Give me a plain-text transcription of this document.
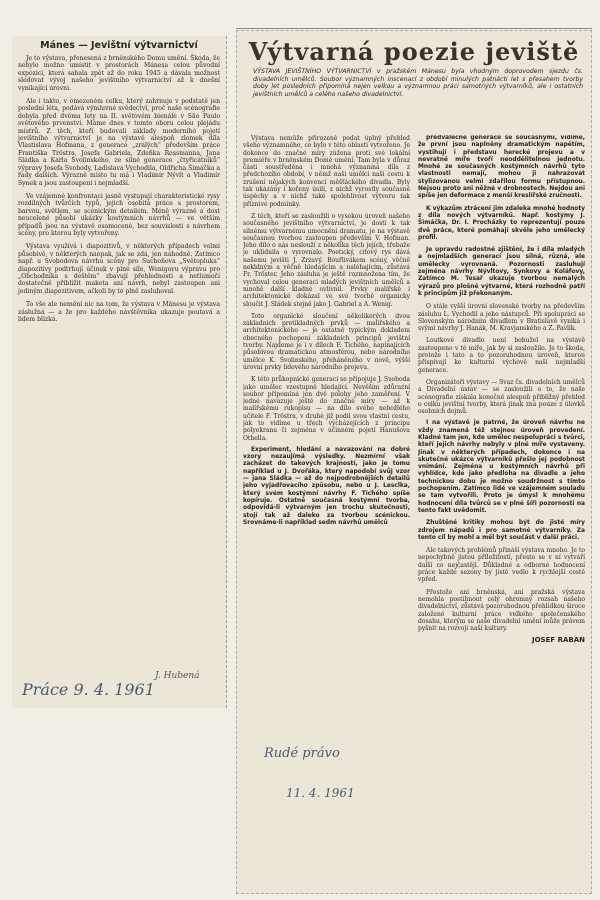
Mánes — Jevištní výtvarnictví

Je to výstava, přenesená z brněnského Domu umění. Škoda, že nebylo možno umístit v prostorách Mánesa celou původní expozici, která sahala zpět až do roku 1945 a dávala možnost sledovat vývoj našeho jevištního výtvarnictví až k dnešní vynikající úrovni.

Ale i takto, v omezeném celku, který zahrnuje v podstatě jen poslední léta, podává výmluvné svědectví, proč naše scénografie dobyla před dvěma lety na II. světovém bienále v São Paulo světového prvenství. Máme dnes v tomto oboru celou plejádu mistrů. Z těch, kteří budovali základy moderního pojetí jevištního výtvarnictví je na výstavě alespoň zlomek díla Vlastislava Hofmana, z generace „zralých“ především práce Františka Tröstra, Josefa Gabriela, Zdeňka Rossmanna, Jana Sládka a Karla Svolinského, ze silné generace „čtyřicátníků“ výpravy Josefa Svobody, Ladislava Vychodila, Oldřicha Šimáčka a řady dalších. Výrazně místo tu má i Vladimír Nývlt a Vladimír Synek a jsou zastoupeni i nejmladší.

Ve vzájemné konfrontaci jasně vystupují charakteristické rysy rozdílných tvůrčích typů, jejich osobitá práce s prostorem, barvou, světlem, se scénickým detailem. Méně výrazně a dost neucelené působí ukázky kostýmních návrhů — ve větším případů jsou na výstavě osamocené, bez souvislosti s návrhem scény, pro kterou byly vytvořeny.

Výstava využívá i diapozitivů, v některých případech velmi působivě, v některých naopak, jak se zdá, jen náhodně. Zatímco např. u Svobodova návrhu scény pro Suchoňova „Světopluka“ diapozitivy podtrhují účinek v plné síle, Wenigovu výpravu pro „Obchodníka s deštěm“ zbavují přehlednosti a netlumočí dostatečně přiblížit maketa ani návrh, nebyl zastoupen ani jediným diapozitivem, ačkoli by to plně zasluhoval.

To vše ale nemění nic na tom, že výstava v Mánesu je výstava záslužná — a že pro každého návštěvníka ukazuje poutavá a lidem blízká.

J. Hubená
Práce 9. 4. 1961
Výtvarná poezie jeviště
VÝSTAVA JEVIŠTNÍHO VÝTVARNICTVÍ v pražském Mánesu byla vhodným doprovodem sjezdu čs. divadelních umělců. Soubor významných inscenací z období minulých patnácti let s přesahem tvorby doby let posledních připomíná nejen velkou a významnou práci samotných výtvarníků, ale i ostatních jevištních umělců a celého našeho divadelnictví.

Výstava nemůže přirozeně podat úplný přehled všeho významného, co bylo v této oblasti vytvořeno. Je dokonce do značné míry zúžena proti své lokální premiéře v brněnském Domě umění. Tam byla v důraz části soustředěna i mnohá významná díla z předchozího období, v němž naši umělci naši cestu k zrušení nějakých konvencí měšťáckého divadla. Byly tak ukázány i kořeny úsilí, z nichž vyrostly současné úspěchy a v nichž také spolehlivost výtvoru tak příznivé podmínky.

Z těch, kteří se zasloužili o vysokou úroveň našeho současného jevištního výtvarnictví, je dosti k tak silnému výtvarnému umocnění dramatu, je na výstavě současnou tvorbou zastoupen především V. Hofman. Jeho dílo o nás neslouží z několika těch jejích, třebaže je uklidnila o vyrovnalo. Poetický, citový rys dává našemu jevišti J. Zrzavý. Bouřlivákem scény, věčně nekldným a věčně hledajícím a naléhajícím, zůstává Fr. Tröster. Jeho zásluha je ještě rozmnožena tím, že vychoval celou generaci mladých jevištních umělců a mnohé další kladné ovlivnil. Prvky malířské i architektonické dokázal ve své tvorbě organicky sloučit J. Sládek stejně jako J. Gabriel a A. Wenig.

Toto organické sloučení několikerých dvou základních protikladných prvků — malířského a architektonického — je ostatně typickým dokladem obecného pochopení základních principů jevištní tvorby. Najdeme je i v dílech F. Tichého, napínajících působivou dramatickou atmosférou, nebo národního umělce K. Svolinského, přeháněného v nově, výšší úrovní prvky lidového národního projevu.

K této průkopnické generaci se připojuje J. Svoboda jako umělec vzestupně hledající. Nevěším zdůrazní soubor připomíná jen dvě polohy jeho zaměření. V jedné navazuje ještě do značné míry — až k malířskému rukopisu — na dílo svého nebožlého učitele F. Tröstra, v druhé již podil svou vlastní cestu, jak to vidíme u třech výcházejících z principu polyekranu či zejména v účinném pojetí Hanušova Othella.

Experiment, hledání a navazování na dobré vzory nezaujímá výsledky. Nezmírní však zacházet do takových krajností, jako je tomu například u J. Dvořáka, který napodobí svůj vzor — jana Sládka — až do nejpodrobnějších detailů jeho vyjadřovacího způsobu, nebo u J. Lesclka, který svém kostýmní návrhy F. Tichého spíše kopíruje. Ostatně současná kostýmní tvorba, odpovídá-li výtvarným jen trochu skutečnosti, stojí tak až daleko za tvorbou scénickou. Srovnáme-li například sedm návrhů umělců

předválečné generace se současnými, vidíme, že první jsou naplněny dramatickým napětím, vystihují i představu herecké projevu a v nevratné míře tvoří neoddělitelnou jednotu. Mnohé ze současných kostýmních návrhů tyto vlastnosti nemají, mohou ji nahrazovat stylizovanou velmi zdařilou formu přístupnou. Nejsou proto ani něžné v drobnostech. Nejdou ani spíše jen deformace z menší kreslířské zručnosti.

K výkazům ztrácení jim zdaleka mnohé hodnoty z díla nových výtvarníků. Např. kostýmy J. Šimáčka, Dr. I. Procházky to reprezentují pouze dvě práce, které pomáhají skvěle jeho umělecký profil.

Je upravdu radostné zjištění, že i díla mladých a nejmladších generací jsou silná, různá, ale umělecky vyrovnaná. Pozornosti zasluhují zejména návrhy Nývltovy, Synkovy a Koláfovy, Zatímco M. Tesař ukazuje tvorbou nemalých výrazů pro plošné výtvarné, která rozhodně patří k principům již překonaným.

O stále vyšší úrovni slovenské tvorby na především zásluhu L. Vychodil a jeho nástupců. Při spolupráci se Slovenským národním divadlem v Bratislavě vyniká i svými návrhy J. Hanák, M. Kravjanského a Z. Pavlík.

Loutkové divadlo není bohužel na výstavě zastoupeno v té míře, jak by si zasloužilo. Je to škoda, protože i tato a to pozoruhodnou úroveň, kterou přispívají ke kulturní výchově naší nejmladší generace.

Organizátoři výstavy — Svaz čs. divadelních umělců a Divadelní ústav — se zasloužili o to, že naše scénografie získala konečně alespoň přiblížný přehled o celku jevištní tvorby, která jinak zná pouze z úlovků osobních dojmů.

I na výstavě je patrné, že úroveň návrhu ne vždy znamená též stejnou úroveň provedení. Kladné tam jen, kde umělec nespolupráci s tvůrci, kteří jejich návrhy nebyly v plné míře vystaveny. Jinak v některých případech, dokonce i na skutečné ukázce výtvarníků přešlo jej podobnost vnímání. Zejména u kostýmních návrhů při vyhlídce, kde jako předloha na divadle a jeho technickou dobu je možno soudržnost s tímto pochopením. Zatímco lidé ve vzájemném souladu se tam vytvořili. Proto je úmysl k mnohému hodnocení díla tvůrců se v plné šíři pozornosti na tento fakt uvědomit.

Zhuštěné kritiky mohou být do jisté míry zdrojem nápadů i pro samotné výtvarníky. Za tento cíl by mohl a měl být součást v další práci.

Ale takových problémů přináší výstava mnoho. Je to nepochybně jistou příležitostí, přesto se v ní vytváří další co nejčastěji. Důkladné a odborné hodnocení práce každé sezony by jistě vedlo k rychlejší cestě vpřed.

Přestože ani brněnská, ani pražská výstava nemohla postihnout celý ohromný rozsah našeho divadelnictví, zůstává pozoruhodnou přehlídkou široce založené kulturní práce velkého společenského dosahu, kterým se naše divadelní umění může právem pyšnit na rozvoji naší kultury.

JOSEF RABAN
Rudé právo
11. 4. 1961
